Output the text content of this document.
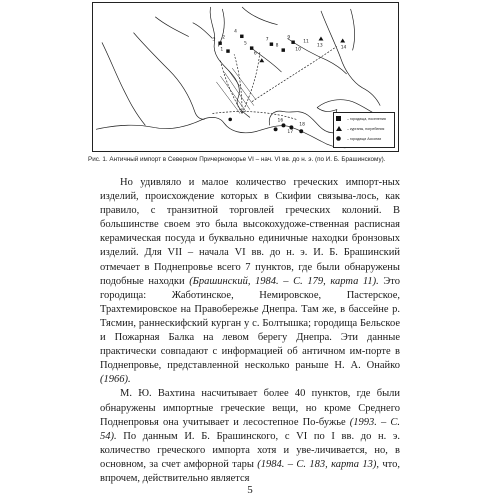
3 2
4
5
1
6
7
8
9
10
11
13	14
16
17
18
– городища, поселения
– курганы, погребения
– городищи Ассонии
Рис. 1. Античный импорт в Северном Причерноморье VI – нач. VI вв. до н. э. (по И. Б. Брашинскому).

Но удивляло и малое количество греческих импорт-ных изделий, происхождение которых в Скифии связыва-лось, как правило, с транзитной торговлей греческих колоний. В большинстве своем это была высокохудоже-ственная расписная керамическая посуда и буквально единичные находки бронзовых изделий. Для VII – начала VI вв. до н. э. И. Б. Брашинский отмечает в Поднепровье всего 7 пунктов, где были обнаружены подобные находки (Брашинский, 1984. – С. 179, карта 11). Это городища: Жаботинское, Немировское, Пастерское, Трахтемировское на Правобережье Днепра. Там же, в бассейне р. Тясмин, раннескифский курган у с. Болтышка; городища Бельское и Пожарная Балка на левом берегу Днепра. Эти данные практически совпадают с информацией об античном им-порте в Поднепровье, представленной несколько раньше Н. А. Онайко (1966).

М. Ю. Вахтина насчитывает более 40 пунктов, где были обнаружены импортные греческие вещи, но кроме Среднего Поднепровья она учитывает и лесостепное По-бужье (1993. – С. 54). По данным И. Б. Брашинского, с VI по I вв. до н. э. количество греческого импорта хотя и уве-личивается, но, в основном, за счет амфорной тары (1984. – С. 183, карта 13), что, впрочем, действительно является

5
